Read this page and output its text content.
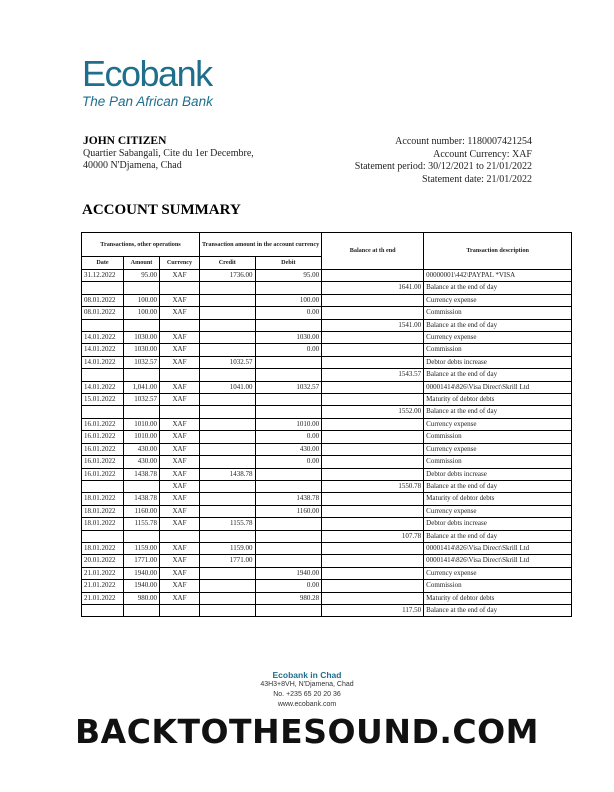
Ecobank
The Pan African Bank
JOHN CITIZEN
Quartier Sabangali, Cite du 1er Decembre,
40000 N'Djamena, Chad
Account number: 1180007421254
Account Currency: XAF
Statement period: 30/12/2021 to 21/01/2022
Statement date: 21/01/2022
ACCOUNT SUMMARY
Transactions, other operations			Transaction amount in the account currency		Balance at th end	Transaction description
Date	Amount	Currency	Credit	Debit		
31.12.2022	95.00	XAF	1736.00	95.00		00000001\442\PAYPAL *VISA
					1641.00	Balance at the end of day
08.01.2022	100.00	XAF		100.00		Currency expense
08.01.2022	100.00	XAF		0.00		Commission
					1541.00	Balance at the end of day
14.01.2022	1030.00	XAF		1030.00		Currency expense
14.01.2022	1030.00	XAF		0.00		Commission
14.01.2022	1032.57	XAF	1032.57			Debtor debts increase
					1543.57	Balance at the end of day
14.01.2022	1,041.00	XAF	1041.00	1032.57		00001414\826\Visa Direct\Skrill Ltd
15.01.2022	1032.57	XAF				Maturity of debtor debts
					1552.00	Balance at the end of day
16.01.2022	1010.00	XAF		1010.00		Currency expense
16.01.2022	1010.00	XAF		0.00		Commission
16.01.2022	430.00	XAF		430.00		Currency expense
16.01.2022	430.00	XAF		0.00		Commission
16.01.2022	1438.78	XAF	1438.78			Debtor debts increase
		XAF			1550.78	Balance at the end of day
18.01.2022	1438.78	XAF		1438.78		Maturity of debtor debts
18.01.2022	1160.00	XAF		1160.00		Currency expense
18.01.2022	1155.78	XAF	1155.78			Debtor debts increase
					107.78	Balance at the end of day
18.01.2022	1159.00	XAF	1159.00			00001414\826\Visa Direct\Skrill Ltd
20.01.2022	1771.00	XAF	1771.00			00001414\826\Visa Direct\Skrill Ltd
21.01.2022	1940.00	XAF		1940.00		Currency expense
21.01.2022	1940.00	XAF		0.00		Commission
21.01.2022	980.00	XAF		980.28		Maturity of debtor debts
					117.50	Balance at the end of day
Ecobank in Chad
43H3+8VH, N'Djamena, Chad
No. +235 65 20 20 36
www.ecobank.com
BACKTOTHESOUND.COM
